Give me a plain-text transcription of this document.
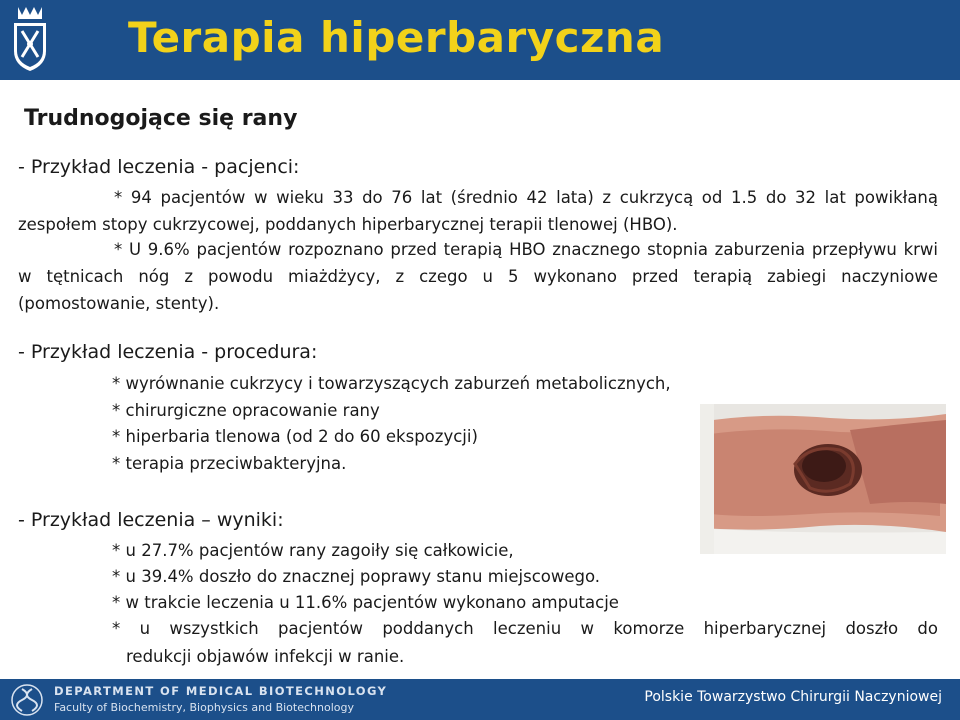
Terapia hiperbaryczna
Trudnogojące się rany
- Przykład leczenia - pacjenci:
* 94 pacjentów w wieku 33 do 76 lat (średnio 42 lata) z cukrzycą od 1.5 do 32 lat powikłaną zespołem stopy cukrzycowej, poddanych hiperbarycznej terapii tlenowej (HBO).
* U 9.6% pacjentów rozpoznano przed terapią HBO znacznego stopnia zaburzenia przepływu krwi w tętnicach nóg z powodu miażdżycy, z czego u 5 wykonano przed terapią zabiegi naczyniowe (pomostowanie, stenty).
- Przykład leczenia - procedura:
* wyrównanie cukrzycy i towarzyszących zaburzeń metabolicznych,
* chirurgiczne opracowanie rany
* hiperbaria tlenowa (od 2 do 60 ekspozycji)
* terapia przeciwbakteryjna.
- Przykład leczenia – wyniki:
* u 27.7% pacjentów rany zagoiły się całkowicie,
* u 39.4% doszło do znacznej poprawy stanu miejscowego.
* w trakcie leczenia u 11.6% pacjentów wykonano amputacje
* u wszystkich pacjentów poddanych leczeniu w komorze hiperbarycznej doszło do
redukcji objawów infekcji w ranie.
DEPARTMENT OF MEDICAL BIOTECHNOLOGY
Faculty of Biochemistry, Biophysics and Biotechnology
Polskie Towarzystwo Chirurgii Naczyniowej
